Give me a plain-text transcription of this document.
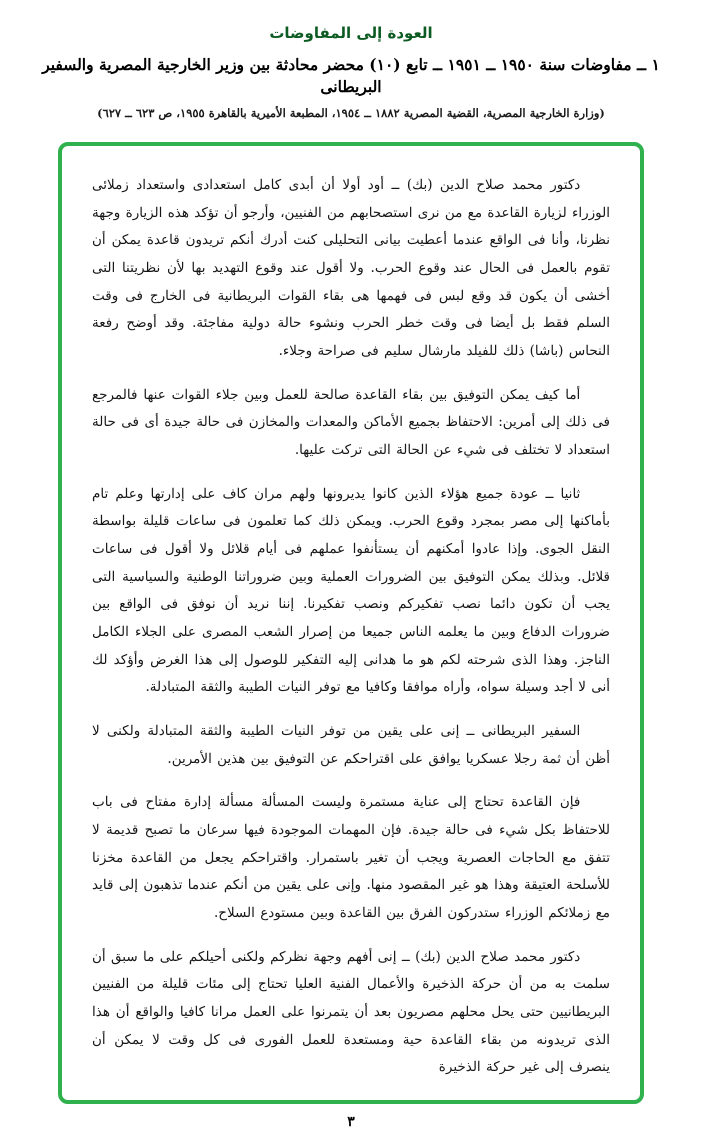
العودة إلى المفاوضات
١ ــ مفاوضات سنة ١٩٥٠ ــ ١٩٥١ ــ تابع (١٠) محضر محادثة بين وزير الخارجية المصرية والسفير البريطانى
(وزارة الخارجية المصرية، القضية المصرية ١٨٨٢ ــ ١٩٥٤، المطبعة الأميرية بالقاهرة ١٩٥٥، ص ٦٢٣ ــ ٦٢٧)

دكتور محمد صلاح الدين (بك) ــ أود أولا أن أبدى كامل استعدادى واستعداد زملائى الوزراء لزيارة القاعدة مع من نرى استصحابهم من الفنيين، وأرجو أن تؤكد هذه الزيارة وجهة نظرنا، وأنا فى الواقع عندما أعطيت بيانى التحليلى كنت أدرك أنكم تريدون قاعدة يمكن أن تقوم بالعمل فى الحال عند وقوع الحرب. ولا أقول عند وقوع التهديد بها لأن نظريتنا التى أخشى أن يكون قد وقع لبس فى فهمها هى بقاء القوات البريطانية فى الخارج فى وقت السلم فقط بل أيضا فى وقت خطر الحرب ونشوء حالة دولية مفاجئة. وقد أوضح رفعة النحاس (باشا) ذلك للفيلد مارشال سليم فى صراحة وجلاء.

أما كيف يمكن التوفيق بين بقاء القاعدة صالحة للعمل وبين جلاء القوات عنها فالمرجع فى ذلك إلى أمرين: الاحتفاظ بجميع الأماكن والمعدات والمخازن فى حالة جيدة أى فى حالة استعداد لا تختلف فى شيء عن الحالة التى تركت عليها.

ثانيا ــ عودة جميع هؤلاء الذين كانوا يديرونها ولهم مران كاف على إدارتها وعلم تام بأماكنها إلى مصر بمجرد وقوع الحرب. ويمكن ذلك كما تعلمون فى ساعات قليلة بواسطة النقل الجوى. وإذا عادوا أمكنهم أن يستأنفوا عملهم فى أيام قلائل ولا أقول فى ساعات قلائل. وبذلك يمكن التوفيق بين الضرورات العملية وبين ضروراتنا الوطنية والسياسية التى يجب أن تكون دائما نصب تفكيركم ونصب تفكيرنا. إننا نريد أن نوفق فى الواقع بين ضرورات الدفاع وبين ما يعلمه الناس جميعا من إصرار الشعب المصرى على الجلاء الكامل الناجز. وهذا الذى شرحته لكم هو ما هدانى إليه التفكير للوصول إلى هذا الغرض وأؤكد لك أنى لا أجد وسيلة سواه، وأراه موافقا وكافيا مع توفر النيات الطيبة والثقة المتبادلة.

السفير البريطانى ــ إنى على يقين من توفر النيات الطيبة والثقة المتبادلة ولكنى لا أظن أن ثمة رجلا عسكريا يوافق على اقتراحكم عن التوفيق بين هذين الأمرين.

فإن القاعدة تحتاج إلى عناية مستمرة وليست المسألة مسألة إدارة مفتاح فى باب للاحتفاظ بكل شيء فى حالة جيدة. فإن المهمات الموجودة فيها سرعان ما تصبح قديمة لا تتفق مع الحاجات العصرية ويجب أن تغير باستمرار. واقتراحكم يجعل من القاعدة مخزنا للأسلحة العتيقة وهذا هو غير المقصود منها. وإنى على يقين من أنكم عندما تذهبون إلى قايد مع زملائكم الوزراء ستدركون الفرق بين القاعدة وبين مستودع السلاح.

دكتور محمد صلاح الدين (بك) ــ إنى أفهم وجهة نظركم ولكنى أحيلكم على ما سبق أن سلمت به من أن حركة الذخيرة والأعمال الفنية العليا تحتاج إلى مئات قليلة من الفنيين البريطانيين حتى يحل محلهم مصريون بعد أن يتمرنوا على العمل مرانا كافيا والواقع أن هذا الذى تريدونه من بقاء القاعدة حية ومستعدة للعمل الفورى فى كل وقت لا يمكن أن ينصرف إلى غير حركة الذخيرة

٣
